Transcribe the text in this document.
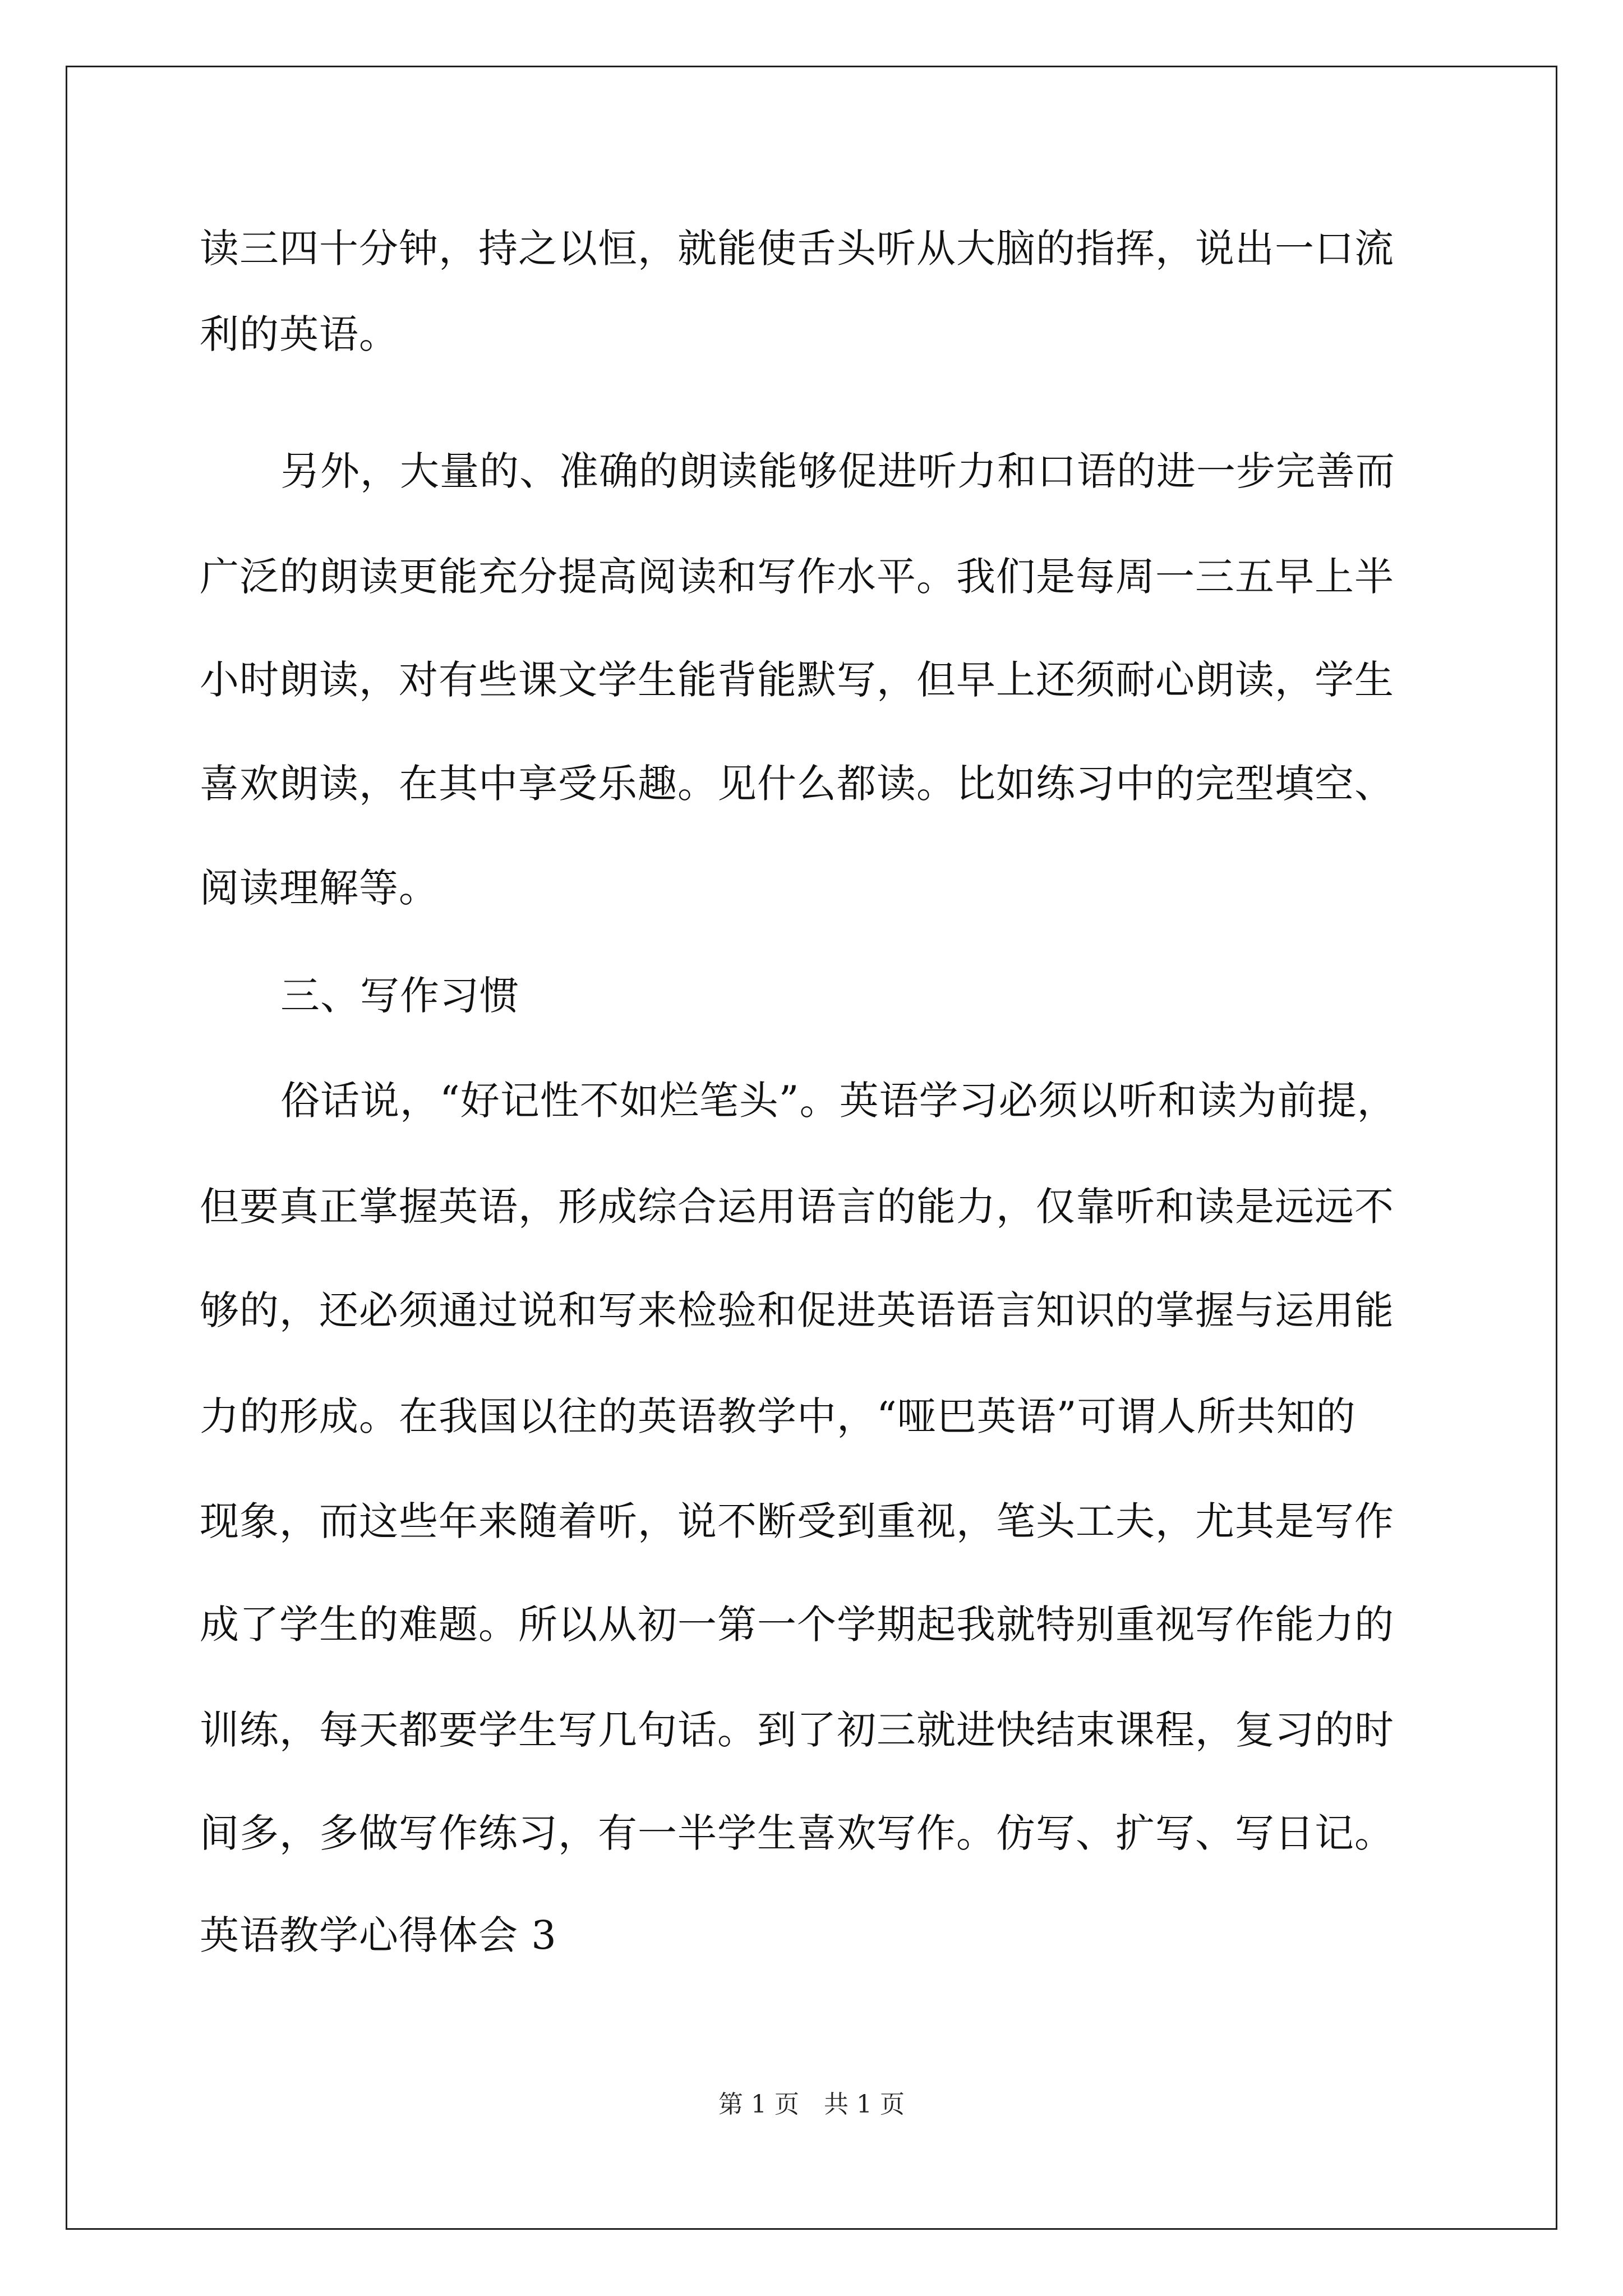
读三四十分钟，持之以恒，就能使舌头听从大脑的指挥，说出一口流
利的英语。
另外，大量的、准确的朗读能够促进听力和口语的进一步完善而
广泛的朗读更能充分提高阅读和写作水平。我们是每周一三五早上半
小时朗读，对有些课文学生能背能默写，但早上还须耐心朗读，学生
喜欢朗读，在其中享受乐趣。见什么都读。比如练习中的完型填空、
阅读理解等。
三、写作习惯
俗话说，“好记性不如烂笔头”。英语学习必须以听和读为前提，
但要真正掌握英语，形成综合运用语言的能力，仅靠听和读是远远不
够的，还必须通过说和写来检验和促进英语语言知识的掌握与运用能
力的形成。在我国以往的英语教学中，“哑巴英语”可谓人所共知的
现象，而这些年来随着听，说不断受到重视，笔头工夫，尤其是写作
成了学生的难题。所以从初一第一个学期起我就特别重视写作能力的
训练，每天都要学生写几句话。到了初三就进快结束课程，复习的时
间多，多做写作练习，有一半学生喜欢写作。仿写、扩写、写日记。
英语教学心得体会 3
第 1 页　共 1 页
